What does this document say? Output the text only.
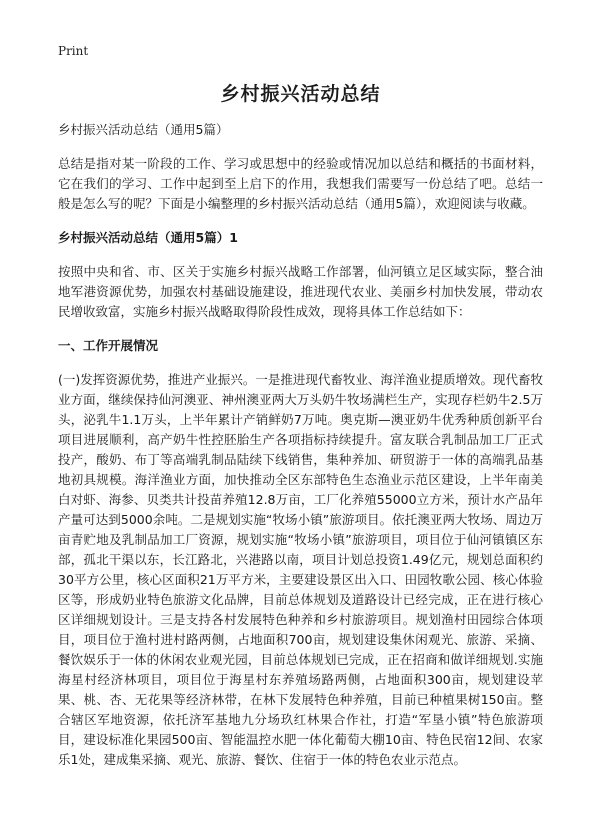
Print
乡村振兴活动总结

乡村振兴活动总结（通用5篇）

总结是指对某一阶段的工作、学习或思想中的经验或情况加以总结和概括的书面材料，它在我们的学习、工作中起到至上启下的作用，我想我们需要写一份总结了吧。总结一般是怎么写的呢？下面是小编整理的乡村振兴活动总结（通用5篇），欢迎阅读与收藏。

乡村振兴活动总结（通用5篇）1

按照中央和省、市、区关于实施乡村振兴战略工作部署，仙河镇立足区域实际，整合油地军港资源优势，加强农村基础设施建设，推进现代农业、美丽乡村加快发展，带动农民增收致富，实施乡村振兴战略取得阶段性成效，现将具体工作总结如下：

一、工作开展情况

(一)发挥资源优势，推进产业振兴。一是推进现代畜牧业、海洋渔业提质增效。现代畜牧业方面，继续保持仙河澳亚、神州澳亚两大万头奶牛牧场满栏生产，实现存栏奶牛2.5万头，泌乳牛1.1万头，上半年累计产销鲜奶7万吨。奥克斯—澳亚奶牛优秀种质创新平台项目进展顺利，高产奶牛性控胚胎生产各项指标持续提升。富友联合乳制品加工厂正式投产，酸奶、布丁等高端乳制品陆续下线销售，集种养加、研贸游于一体的高端乳品基地初具规模。海洋渔业方面，加快推动全区东部特色生态渔业示范区建设，上半年南美白对虾、海参、贝类共计投苗养殖12.8万亩，工厂化养殖55000立方米，预计水产品年产量可达到5000余吨。二是规划实施“牧场小镇”旅游项目。依托澳亚两大牧场、周边万亩青贮地及乳制品加工厂资源，规划实施“牧场小镇”旅游项目，项目位于仙河镇镇区东部，孤北干渠以东，长江路北，兴港路以南，项目计划总投资1.49亿元，规划总面积约30平方公里，核心区面积21万平方米，主要建设景区出入口、田园牧歌公园、核心体验区等，形成奶业特色旅游文化品牌，目前总体规划及道路设计已经完成，正在进行核心区详细规划设计。三是支持各村发展特色种养和乡村旅游项目。规划渔村田园综合体项目，项目位于渔村进村路两侧，占地面积700亩，规划建设集休闲观光、旅游、采摘、餐饮娱乐于一体的休闲农业观光园，目前总体规划已完成，正在招商和做详细规划.实施海星村经济林项目，项目位于海星村东养殖场路两侧，占地面积300亩，规划建设苹果、桃、杏、无花果等经济林带，在林下发展特色种养殖，目前已种植果树150亩。整合辖区军地资源，依托济军基地九分场玖红林果合作社，打造“军垦小镇”特色旅游项目，建设标准化果园500亩、智能温控水肥一体化葡萄大棚10亩、特色民宿12间、农家乐1处，建成集采摘、观光、旅游、餐饮、住宿于一体的特色农业示范点。
